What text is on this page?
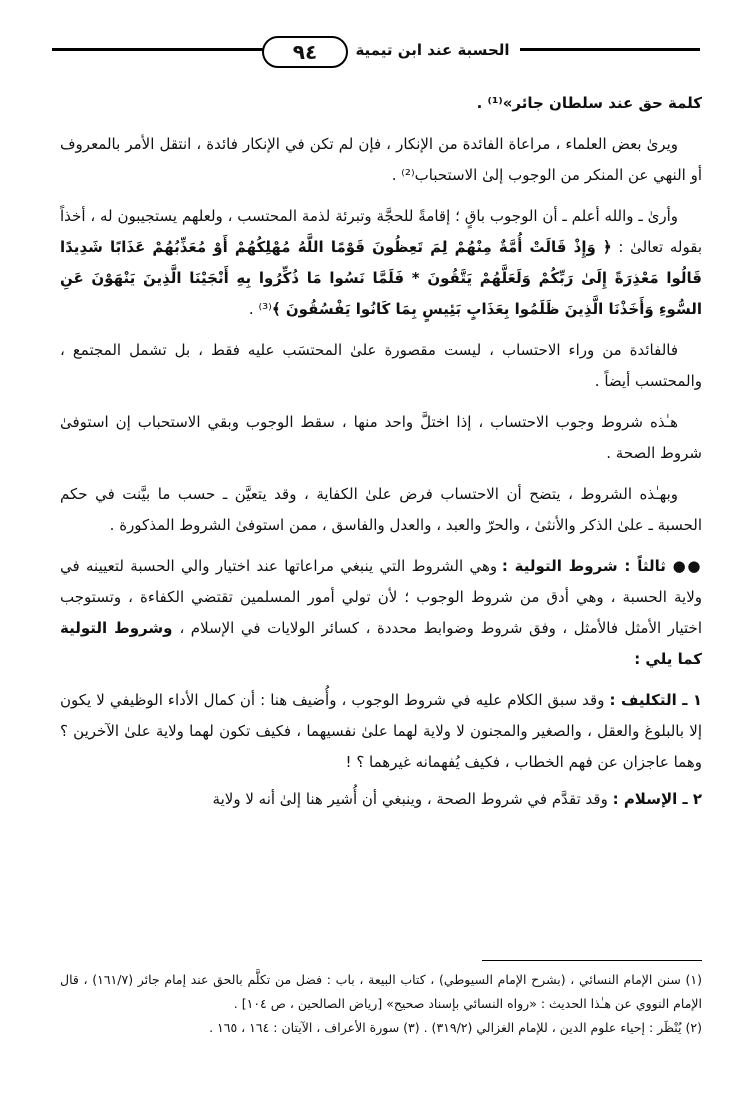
٩٤	الحسبة عند ابن تيمية

كلمة حق عند سلطان جائر»⁽¹⁾ .

ويرىٰ بعض العلماء ، مراعاة الفائدة من الإنكار ، فإن لم تكن في الإنكار فائدة ، انتقل الأمر بالمعروف أو النهي عن المنكر من الوجوب إلىٰ الاستحباب⁽²⁾ .

وأرىٰ ـ والله أعلم ـ أن الوجوب باقٍ ؛ إقامةً للحجَّة وتبرئة لذمة المحتسب ، ولعلهم يستجيبون له ، أخذاً بقوله تعالىٰ : ﴿ وَإِذْ قَالَتْ أُمَّةٌ مِنْهُمْ لِمَ تَعِظُونَ قَوْمًا اللَّهُ مُهْلِكُهُمْ أَوْ مُعَذِّبُهُمْ عَذَابًا شَدِيدًا قَالُوا مَعْذِرَةً إِلَىٰ رَبِّكُمْ وَلَعَلَّهُمْ يَتَّقُونَ * فَلَمَّا نَسُوا مَا ذُكِّرُوا بِهِ أَنْجَيْنَا الَّذِينَ يَنْهَوْنَ عَنِ السُّوءِ وَأَخَذْنَا الَّذِينَ ظَلَمُوا بِعَذَابٍ بَئِيسٍ بِمَا كَانُوا يَفْسُقُونَ ﴾⁽³⁾ .

فالفائدة من وراء الاحتساب ، ليست مقصورة علىٰ المحتسَب عليه فقط ، بل تشمل المجتمع ، والمحتسب أيضاً .

هـٰذه شروط وجوب الاحتساب ، إذا اختلَّ واحد منها ، سقط الوجوب وبقي الاستحباب إن استوفىٰ شروط الصحة .

وبهـٰذه الشروط ، يتضح أن الاحتساب فرض علىٰ الكفاية ، وقد يتعيَّن ـ حسب ما بيَّنت في حكم الحسبة ـ علىٰ الذكر والأنثىٰ ، والحرّ والعبد ، والعدل والفاسق ، ممن استوفىٰ الشروط المذكورة .

●● ثالثاً : شروط التولية : وهي الشروط التي ينبغي مراعاتها عند اختيار والي الحسبة لتعيينه في ولاية الحسبة ، وهي أدق من شروط الوجوب ؛ لأن تولي أمور المسلمين تقتضي الكفاءة ، وتستوجب اختيار الأمثل فالأمثل ، وفق شروط وضوابط محددة ، كسائر الولايات في الإسلام ، وشروط التولية كما يلي :

١ ـ التكليف : وقد سبق الكلام عليه في شروط الوجوب ، وأُضيف هنا : أن كمال الأداء الوظيفي لا يكون إلا بالبلوغ والعقل ، والصغير والمجنون لا ولاية لهما علىٰ نفسيهما ، فكيف تكون لهما ولاية علىٰ الآخرين ؟ وهما عاجزان عن فهم الخطاب ، فكيف يُفهمانه غيرهما ؟ !

٢ ـ الإسلام : وقد تقدَّم في شروط الصحة ، وينبغي أن أُشير هنا إلىٰ أنه لا ولاية

(١) سنن الإمام النسائي ، (بشرح الإمام السيوطي) ، كتاب البيعة ، باب : فضل من تكلَّم بالحق عند إمام جائر (١٦١/٧) ، قال الإمام النووي عن هـٰذا الحديث : «رواه النسائي بإسناد صحيح» [رياض الصالحين ، ص ١٠٤] .

(٢) يُنْظَر : إحياء علوم الدين ، للإمام الغزالي (٣١٩/٢) . (٣) سورة الأعراف ، الآيتان : ١٦٤ ، ١٦٥ .
